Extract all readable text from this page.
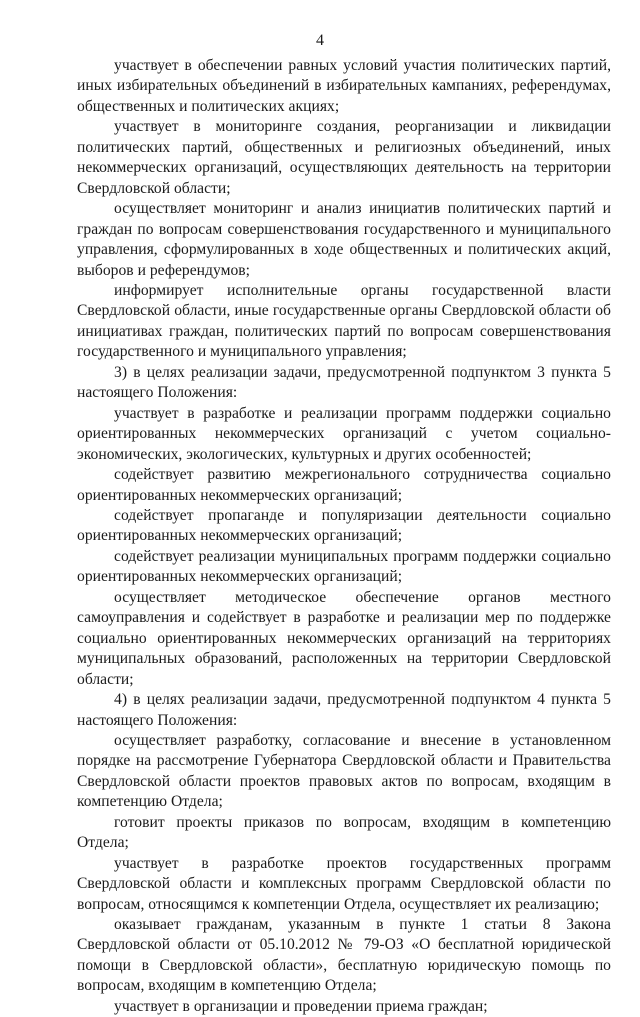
4

участвует в обеспечении равных условий участия политических партий, иных избирательных объединений в избирательных кампаниях, референдумах, общественных и политических акциях;

участвует в мониторинге создания, реорганизации и ликвидации политических партий, общественных и религиозных объединений, иных некоммерческих организаций, осуществляющих деятельность на территории Свердловской области;

осуществляет мониторинг и анализ инициатив политических партий и граждан по вопросам совершенствования государственного и муниципального управления, сформулированных в ходе общественных и политических акций, выборов и референдумов;

информирует исполнительные органы государственной власти Свердловской области, иные государственные органы Свердловской области об инициативах граждан, политических партий по вопросам совершенствования государственного и муниципального управления;

3) в целях реализации задачи, предусмотренной подпунктом 3 пункта 5 настоящего Положения:

участвует в разработке и реализации программ поддержки социально ориентированных некоммерческих организаций с учетом социально-экономических, экологических, культурных и других особенностей;

содействует развитию межрегионального сотрудничества социально ориентированных некоммерческих организаций;

содействует пропаганде и популяризации деятельности социально ориентированных некоммерческих организаций;

содействует реализации муниципальных программ поддержки социально ориентированных некоммерческих организаций;

осуществляет методическое обеспечение органов местного самоуправления и содействует в разработке и реализации мер по поддержке социально ориентированных некоммерческих организаций на территориях муниципальных образований, расположенных на территории Свердловской области;

4) в целях реализации задачи, предусмотренной подпунктом 4 пункта 5 настоящего Положения:

осуществляет разработку, согласование и внесение в установленном порядке на рассмотрение Губернатора Свердловской области и Правительства Свердловской области проектов правовых актов по вопросам, входящим в компетенцию Отдела;

готовит проекты приказов по вопросам, входящим в компетенцию Отдела;

участвует в разработке проектов государственных программ Свердловской области и комплексных программ Свердловской области по вопросам, относящимся к компетенции Отдела, осуществляет их реализацию;

оказывает гражданам, указанным в пункте 1 статьи 8 Закона Свердловской области от 05.10.2012 № 79-ОЗ «О бесплатной юридической помощи в Свердловской области», бесплатную юридическую помощь по вопросам, входящим в компетенцию Отдела;

участвует в организации и проведении приема граждан;
